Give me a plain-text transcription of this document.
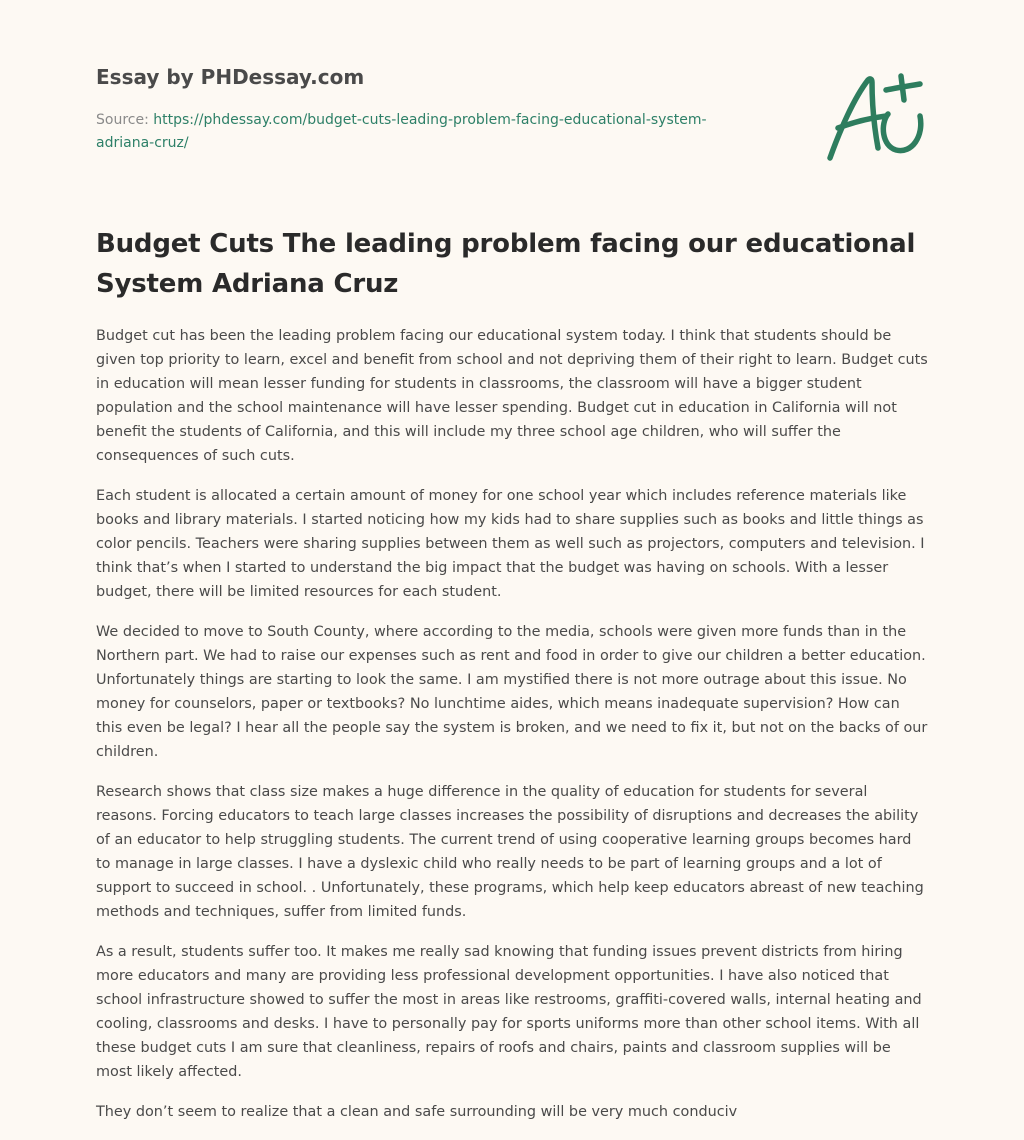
Essay by PHDessay.com
Source: https://phdessay.com/budget-cuts-leading-problem-facing-educational-system-adriana-cruz/
Budget Cuts The leading problem facing our educational System Adriana Cruz

Budget cut has been the leading problem facing our educational system today. I think that students should be given top priority to learn, excel and benefit from school and not depriving them of their right to learn. Budget cuts in education will mean lesser funding for students in classrooms, the classroom will have a bigger student population and the school maintenance will have lesser spending. Budget cut in education in California will not benefit the students of California, and this will include my three school age children, who will suffer the consequences of such cuts.

Each student is allocated a certain amount of money for one school year which includes reference materials like books and library materials. I started noticing how my kids had to share supplies such as books and little things as color pencils. Teachers were sharing supplies between them as well such as projectors, computers and television. I think that’s when I started to understand the big impact that the budget was having on schools. With a lesser budget, there will be limited resources for each student.

We decided to move to South County, where according to the media, schools were given more funds than in the Northern part. We had to raise our expenses such as rent and food in order to give our children a better education. Unfortunately things are starting to look the same. I am mystified there is not more outrage about this issue. No money for counselors, paper or textbooks? No lunchtime aides, which means inadequate supervision? How can this even be legal? I hear all the people say the system is broken, and we need to fix it, but not on the backs of our children.

Research shows that class size makes a huge difference in the quality of education for students for several reasons. Forcing educators to teach large classes increases the possibility of disruptions and decreases the ability of an educator to help struggling students. The current trend of using cooperative learning groups becomes hard to manage in large classes. I have a dyslexic child who really needs to be part of learning groups and a lot of support to succeed in school. . Unfortunately, these programs, which help keep educators abreast of new teaching methods and techniques, suffer from limited funds.

As a result, students suffer too. It makes me really sad knowing that funding issues prevent districts from hiring more educators and many are providing less professional development opportunities. I have also noticed that school infrastructure showed to suffer the most in areas like restrooms, graffiti-covered walls, internal heating and cooling, classrooms and desks. I have to personally pay for sports uniforms more than other school items. With all these budget cuts I am sure that cleanliness, repairs of roofs and chairs, paints and classroom supplies will be most likely affected.

They don’t seem to realize that a clean and safe surrounding will be very much conduciv
